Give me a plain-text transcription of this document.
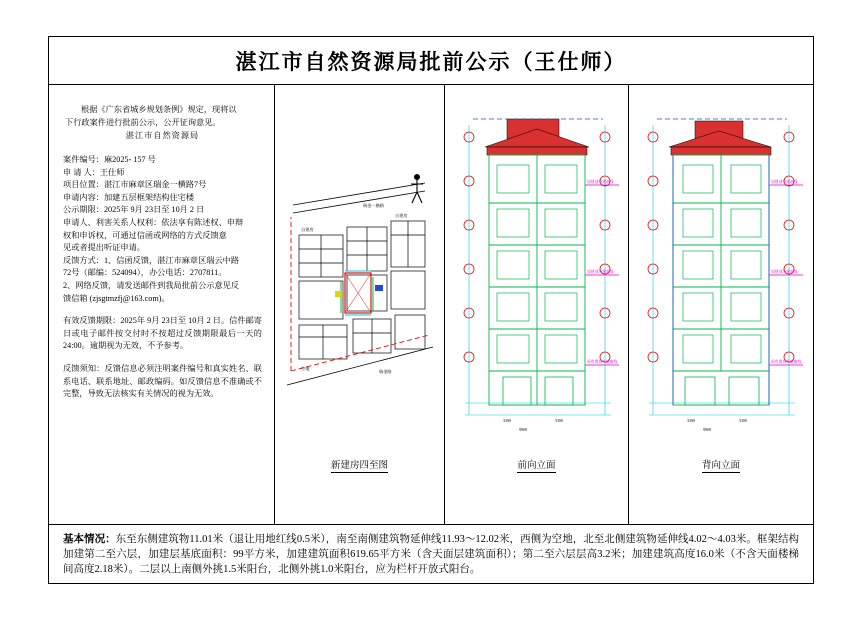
湛江市自然资源局批前公示（王仕师）

根据《广东省城乡规划条例》规定，现将以

下行政案件进行批前公示，公开征询意见。

湛江市自然资源局

案件编号：麻2025- 157 号

申 请 人：王仕师

项目位置：湛江市麻章区瑞金一横路7号

申请内容：加建五层框架结构住宅楼

公示期限：2025年 9月 23日至 10月 2 日

申请人、利害关系人权利：依法享有陈述权、申辩

权和申诉权，可通过信函或网络的方式反馈意

见或者提出听证申请。

反馈方式：1、信函反馈，湛江市麻章区瑞云中路

72号（邮编：524094），办公电话：2707811。

2、网络反馈，请发送邮件到我局批前公示意见反

馈信箱 (zjsgtmzfj@163.com)。

有效反馈期限：2025年 9月 23日至 10月 2 日。信件邮寄日或电子邮件按交付时不按超过反馈期限最后一天的24:00。逾期视为无效，不予参考。

反馈须知：反馈信息必须注明案件编号和真实姓名、联系电话、联系地址、邮政编码。如反馈信息不准确或不完整，导致无法核实有关情况的视为无效。

瑞金一横路
自建房
自建房
空地
瑞金路
新建房四至图
加建部分建筑线
加建部分建筑线
原有建筑外轮廓线
3300	3300
9900
前向立面
加建部分建筑线
加建部分建筑线
原有建筑外轮廓线
3300	3300
9900
背向立面
基本情况：东至东侧建筑物11.01米（退让用地红线0.5米），南至南侧建筑物延伸线11.93～12.02米，西侧为空地，北至北侧建筑物延伸线4.02～4.03米。框架结构加建第二至六层，加建层基底面积：99平方米，加建建筑面积619.65平方米（含天面层建筑面积）；第二至六层层高3.2米；加建建筑高度16.0米（不含天面楼梯间高度2.18米）。二层以上南侧外挑1.5米阳台，北侧外挑1.0米阳台，应为栏杆开放式阳台。
